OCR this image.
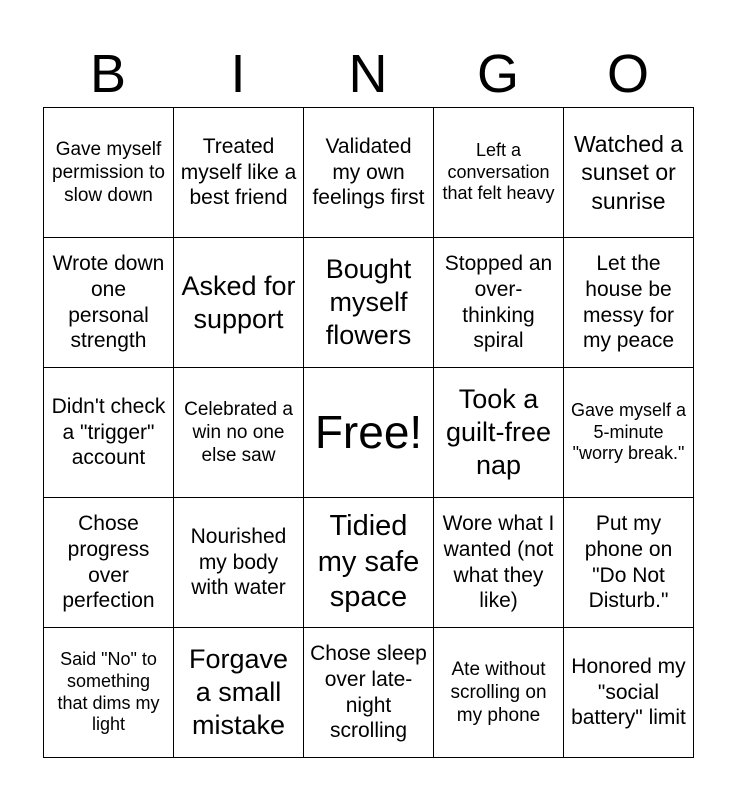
B	I	N	G	O
Gave myself permission to slow down	Treated myself like a best friend	Validated my own feelings first	Left a conversation that felt heavy	Watched a sunset or sunrise
Wrote down one personal strength	Asked for support	Bought myself flowers	Stopped an over-thinking spiral	Let the house be messy for my peace
Didn't check a "trigger" account	Celebrated a win no one else saw	Free!	Took a guilt-free nap	Gave myself a 5-minute "worry break."
Chose progress over perfection	Nourished my body with water	Tidied my safe space	Wore what I wanted (not what they like)	Put my phone on "Do Not Disturb."
Said "No" to something that dims my light	Forgave a small mistake	Chose sleep over late-night scrolling	Ate without scrolling on my phone	Honored my "social battery" limit
